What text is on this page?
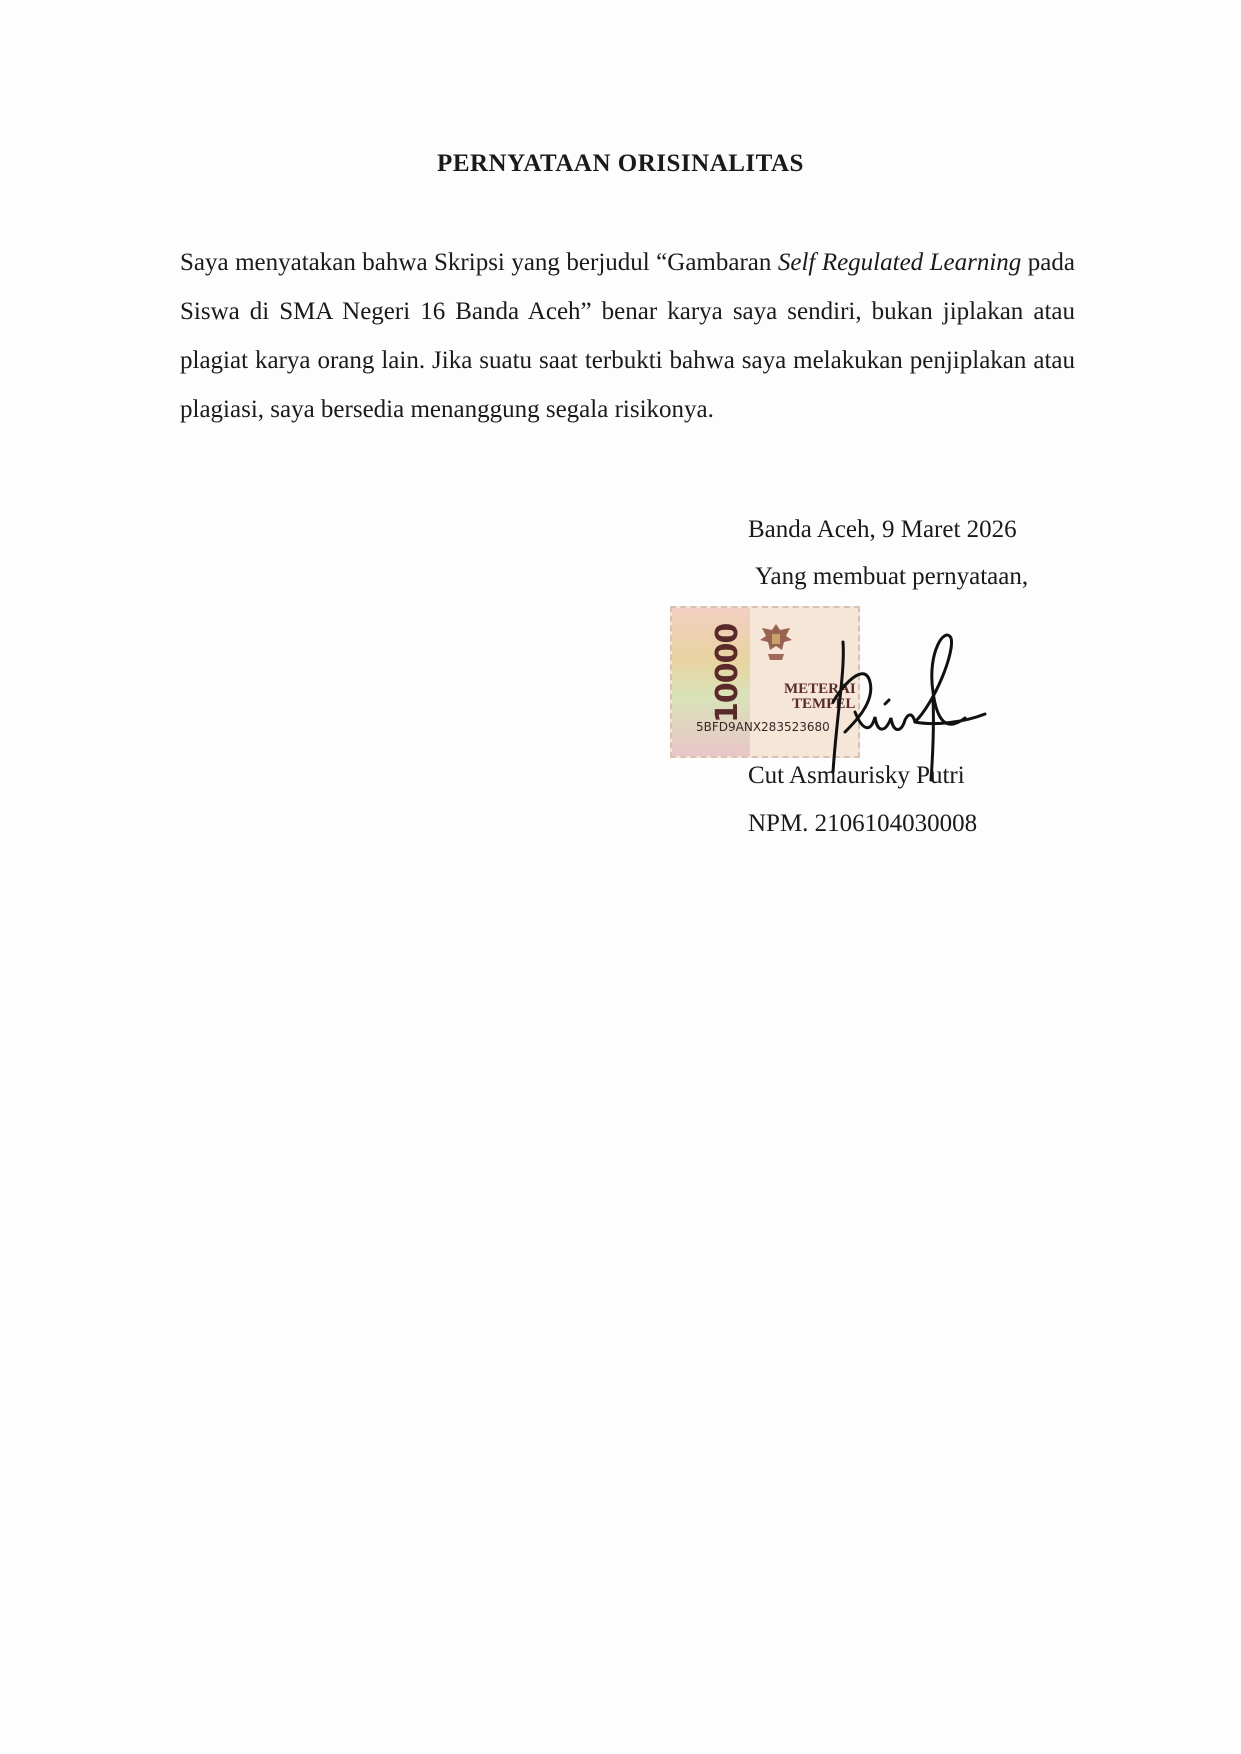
PERNYATAAN ORISINALITAS
Saya menyatakan bahwa Skripsi yang berjudul “Gambaran Self Regulated Learning pada Siswa di SMA Negeri 16 Banda Aceh” benar karya saya sendiri, bukan jiplakan atau plagiat karya orang lain. Jika suatu saat terbukti bahwa saya melakukan penjiplakan atau plagiasi, saya bersedia menanggung segala risikonya.
Banda Aceh, 9 Maret 2026
Yang membuat pernyataan,
10000	METERAI
TEMPEL
5BFD9ANX283523680
Cut Asmaurisky Putri
NPM. 2106104030008
